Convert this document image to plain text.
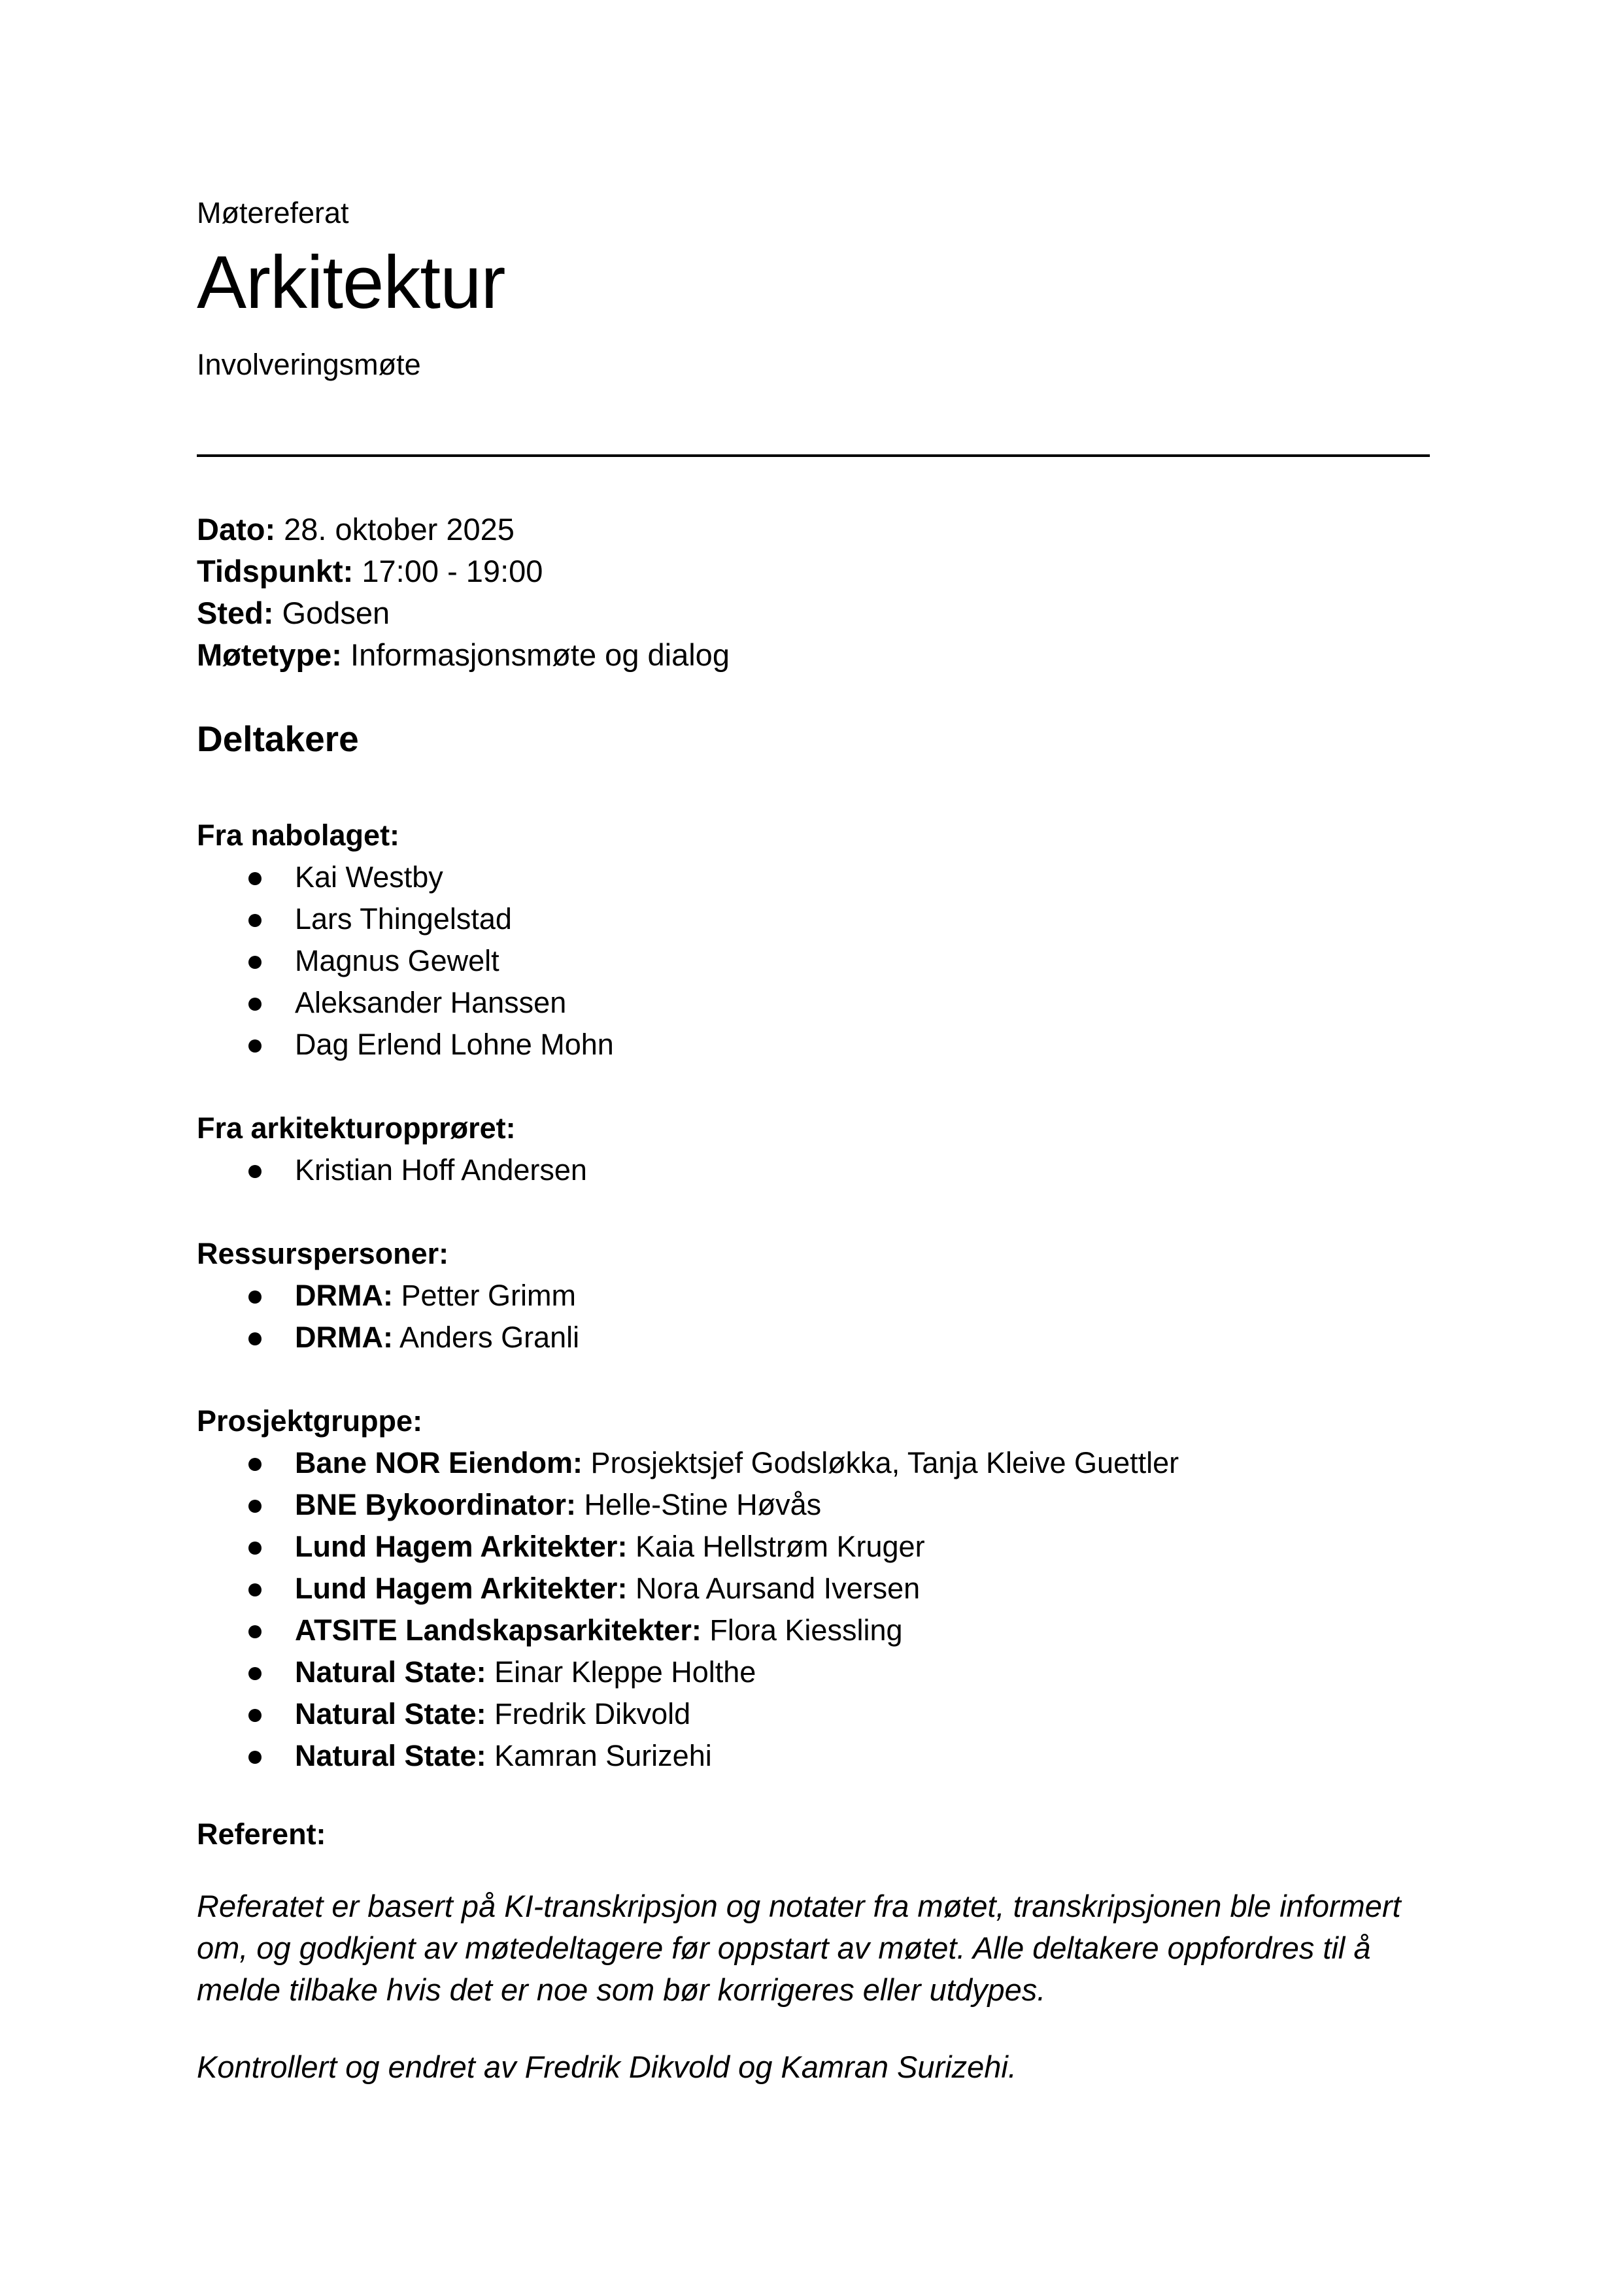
Møtereferat
Arkitektur
Involveringsmøte
Dato: 28. oktober 2025
Tidspunkt: 17:00 - 19:00
Sted: Godsen
Møtetype: Informasjonsmøte og dialog
Deltakere
Fra nabolaget:
Kai Westby
Lars Thingelstad
Magnus Gewelt
Aleksander Hanssen
Dag Erlend Lohne Mohn
Fra arkitekturopprøret:
Kristian Hoff Andersen
Ressurspersoner:
DRMA: Petter Grimm
DRMA: Anders Granli
Prosjektgruppe:
Bane NOR Eiendom: Prosjektsjef Godsløkka, Tanja Kleive Guettler
BNE Bykoordinator: Helle-Stine Høvås
Lund Hagem Arkitekter: Kaia Hellstrøm Kruger
Lund Hagem Arkitekter: Nora Aursand Iversen
ATSITE Landskapsarkitekter: Flora Kiessling
Natural State: Einar Kleppe Holthe
Natural State: Fredrik Dikvold
Natural State: Kamran Surizehi
Referent:
Referatet er basert på KI-transkripsjon og notater fra møtet, transkripsjonen ble informert om, og godkjent av møtedeltagere før oppstart av møtet. Alle deltakere oppfordres til å melde tilbake hvis det er noe som bør korrigeres eller utdypes.
Kontrollert og endret av Fredrik Dikvold og Kamran Surizehi.
